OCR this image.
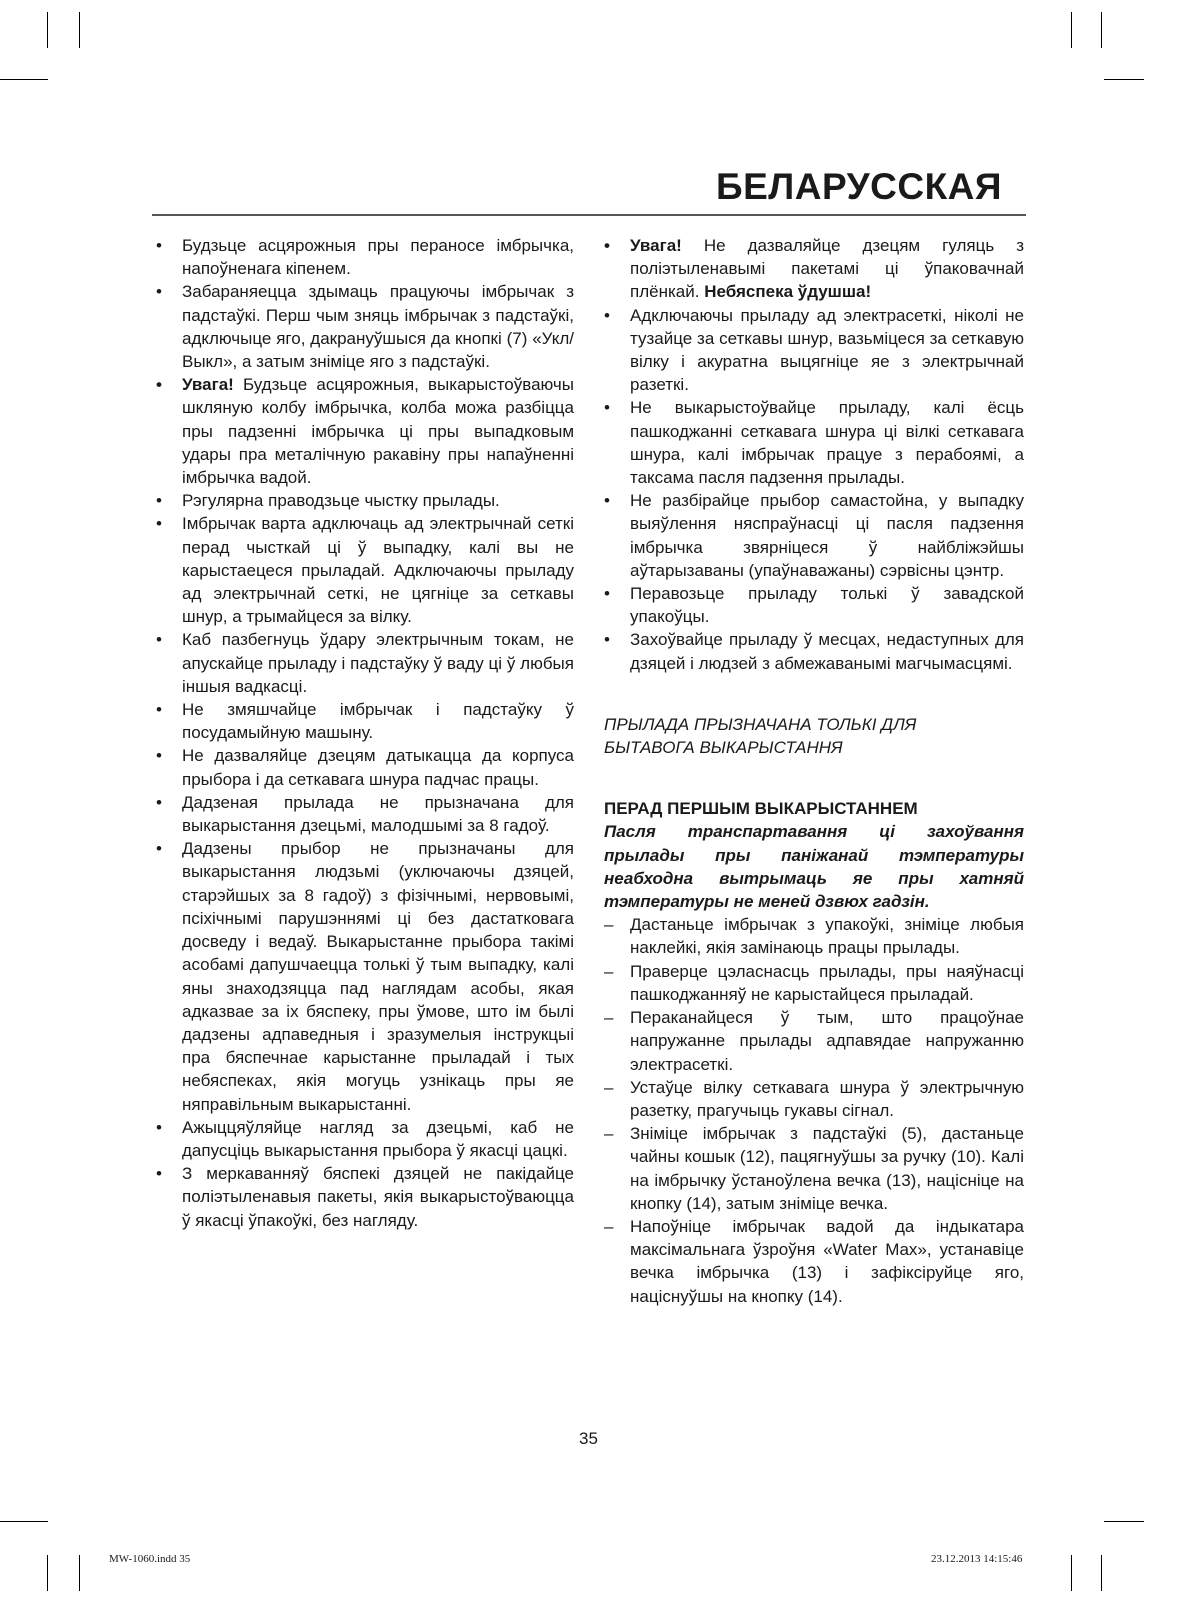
БЕЛАРУССКАЯ
• Будзьце асцярожныя пры пераносе імбрычка, напоўненага кіпенем.
• Забараняецца здымаць працуючы імбрычак з падстаўкі. Перш чым зняць імбрычак з падстаўкі, адключыце яго, дакрануўшыся да кнопкі (7) «Укл/Выкл», а затым зніміце яго з падстаўкі.
• Увага! Будзьце асцярожныя, выкарыстоўваючы шкляную колбу імбрычка, колба можа разбіцца пры падзенні імбрычка ці пры выпадковым удары пра металічную ракавіну пры напаўненні імбрычка вадой.
• Рэгулярна праводзьце чыстку прылады.
• Імбрычак варта адключаць ад электрычнай сеткі перад чысткай ці ў выпадку, калі вы не карыстаецеся прыладай. Адключаючы прыладу ад электрычнай сеткі, не цягніце за сеткавы шнур, а трымайцеся за вілку.
• Каб пазбегнуць ўдару электрычным токам, не апускайце прыладу і падстаўку ў ваду ці ў любыя іншыя вадкасці.
• Не змяшчайце імбрычак і падстаўку ў посудамыйную машыну.
• Не дазваляйце дзецям датыкацца да корпуса прыбора і да сеткавага шнура падчас працы.
• Дадзеная прылада не прызначана для выкарыстання дзецьмі, малодшымі за 8 гадоў.
• Дадзены прыбор не прызначаны для выкарыстання людзьмі (уключаючы дзяцей, старэйшых за 8 гадоў) з фізічнымі, нервовымі, псіхічнымі парушэннямі ці без дастатковага досведу і ведаў. Выкарыстанне прыбора такімі асобамі дапушчаецца толькі ў тым выпадку, калі яны знаходзяцца пад наглядам асобы, якая адказвае за іх бяспеку, пры ўмове, што ім былі дадзены адпаведныя і зразумелыя інструкцыі пра бяспечнае карыстанне прыладай і тых небяспеках, якія могуць узнікаць пры яе няправільным выкарыстанні.
• Ажыццяўляйце нагляд за дзецьмі, каб не дапусціць выкарыстання прыбора ў якасці цацкі.
• З меркаванняў бяспекі дзяцей не пакідайце поліэтыленавыя пакеты, якія выкарыстоўваюцца ў якасці ўпакоўкі, без нагляду.
• Увага! Не дазваляйце дзецям гуляць з поліэтыленавымі пакетамі ці ўпаковачнай плёнкай. Небяспека ўдушша!
• Адключаючы прыладу ад электрасеткі, ніколі не тузайце за сеткавы шнур, вазьміцеся за сеткавую вілку і акуратна выцягніце яе з электрычнай разеткі.
• Не выкарыстоўвайце прыладу, калі ёсць пашкоджанні сеткавага шнура ці вілкі сеткавага шнура, калі імбрычак працуе з перабоямі, а таксама пасля падзення прылады.
• Не разбірайце прыбор самастойна, у выпадку выяўлення няспраўнасці ці пасля падзення імбрычка звярніцеся ў найбліжэйшы аўтарызаваны (упаўнаважаны) сэрвісны цэнтр.
• Перавозьце прыладу толькі ў завадской упакоўцы.
• Захоўвайце прыладу ў месцах, недаступных для дзяцей і людзей з абмежаванымі магчымасцямі.
ПРЫЛАДА ПРЫЗНАЧАНА ТОЛЬКІ ДЛЯ
БЫТАВОГА ВЫКАРЫСТАННЯ
ПЕРАД ПЕРШЫМ ВЫКАРЫСТАННЕМ
Пасля транспартавання ці захоўвання прылады пры паніжанай тэмпературы неабходна вытрымаць яе пры хатняй тэмпературы не меней дзвюх гадзін.
– Дастаньце імбрычак з упакоўкі, зніміце любыя наклейкі, якія замінаюць працы прылады.
– Праверце цэласнасць прылады, пры наяўнасці пашкоджанняў не карыстайцеся прыладай.
– Пераканайцеся ў тым, што працоўнае напружанне прылады адпавядае напружанню электрасеткі.
– Устаўце вілку сеткавага шнура ў электрычную разетку, прагучыць гукавы сігнал.
– Зніміце імбрычак з падстаўкі (5), дастаньце чайны кошык (12), пацягнуўшы за ручку (10). Калі на імбрычку ўстаноўлена вечка (13), націсніце на кнопку (14), затым зніміце вечка.
– Напоўніце імбрычак вадой да індыкатара максімальнага ўзроўня «Water Max», устанавіце вечка імбрычка (13) і зафіксіруйце яго, націснуўшы на кнопку (14).
35
MW-1060.indd 35	23.12.2013 14:15:46
